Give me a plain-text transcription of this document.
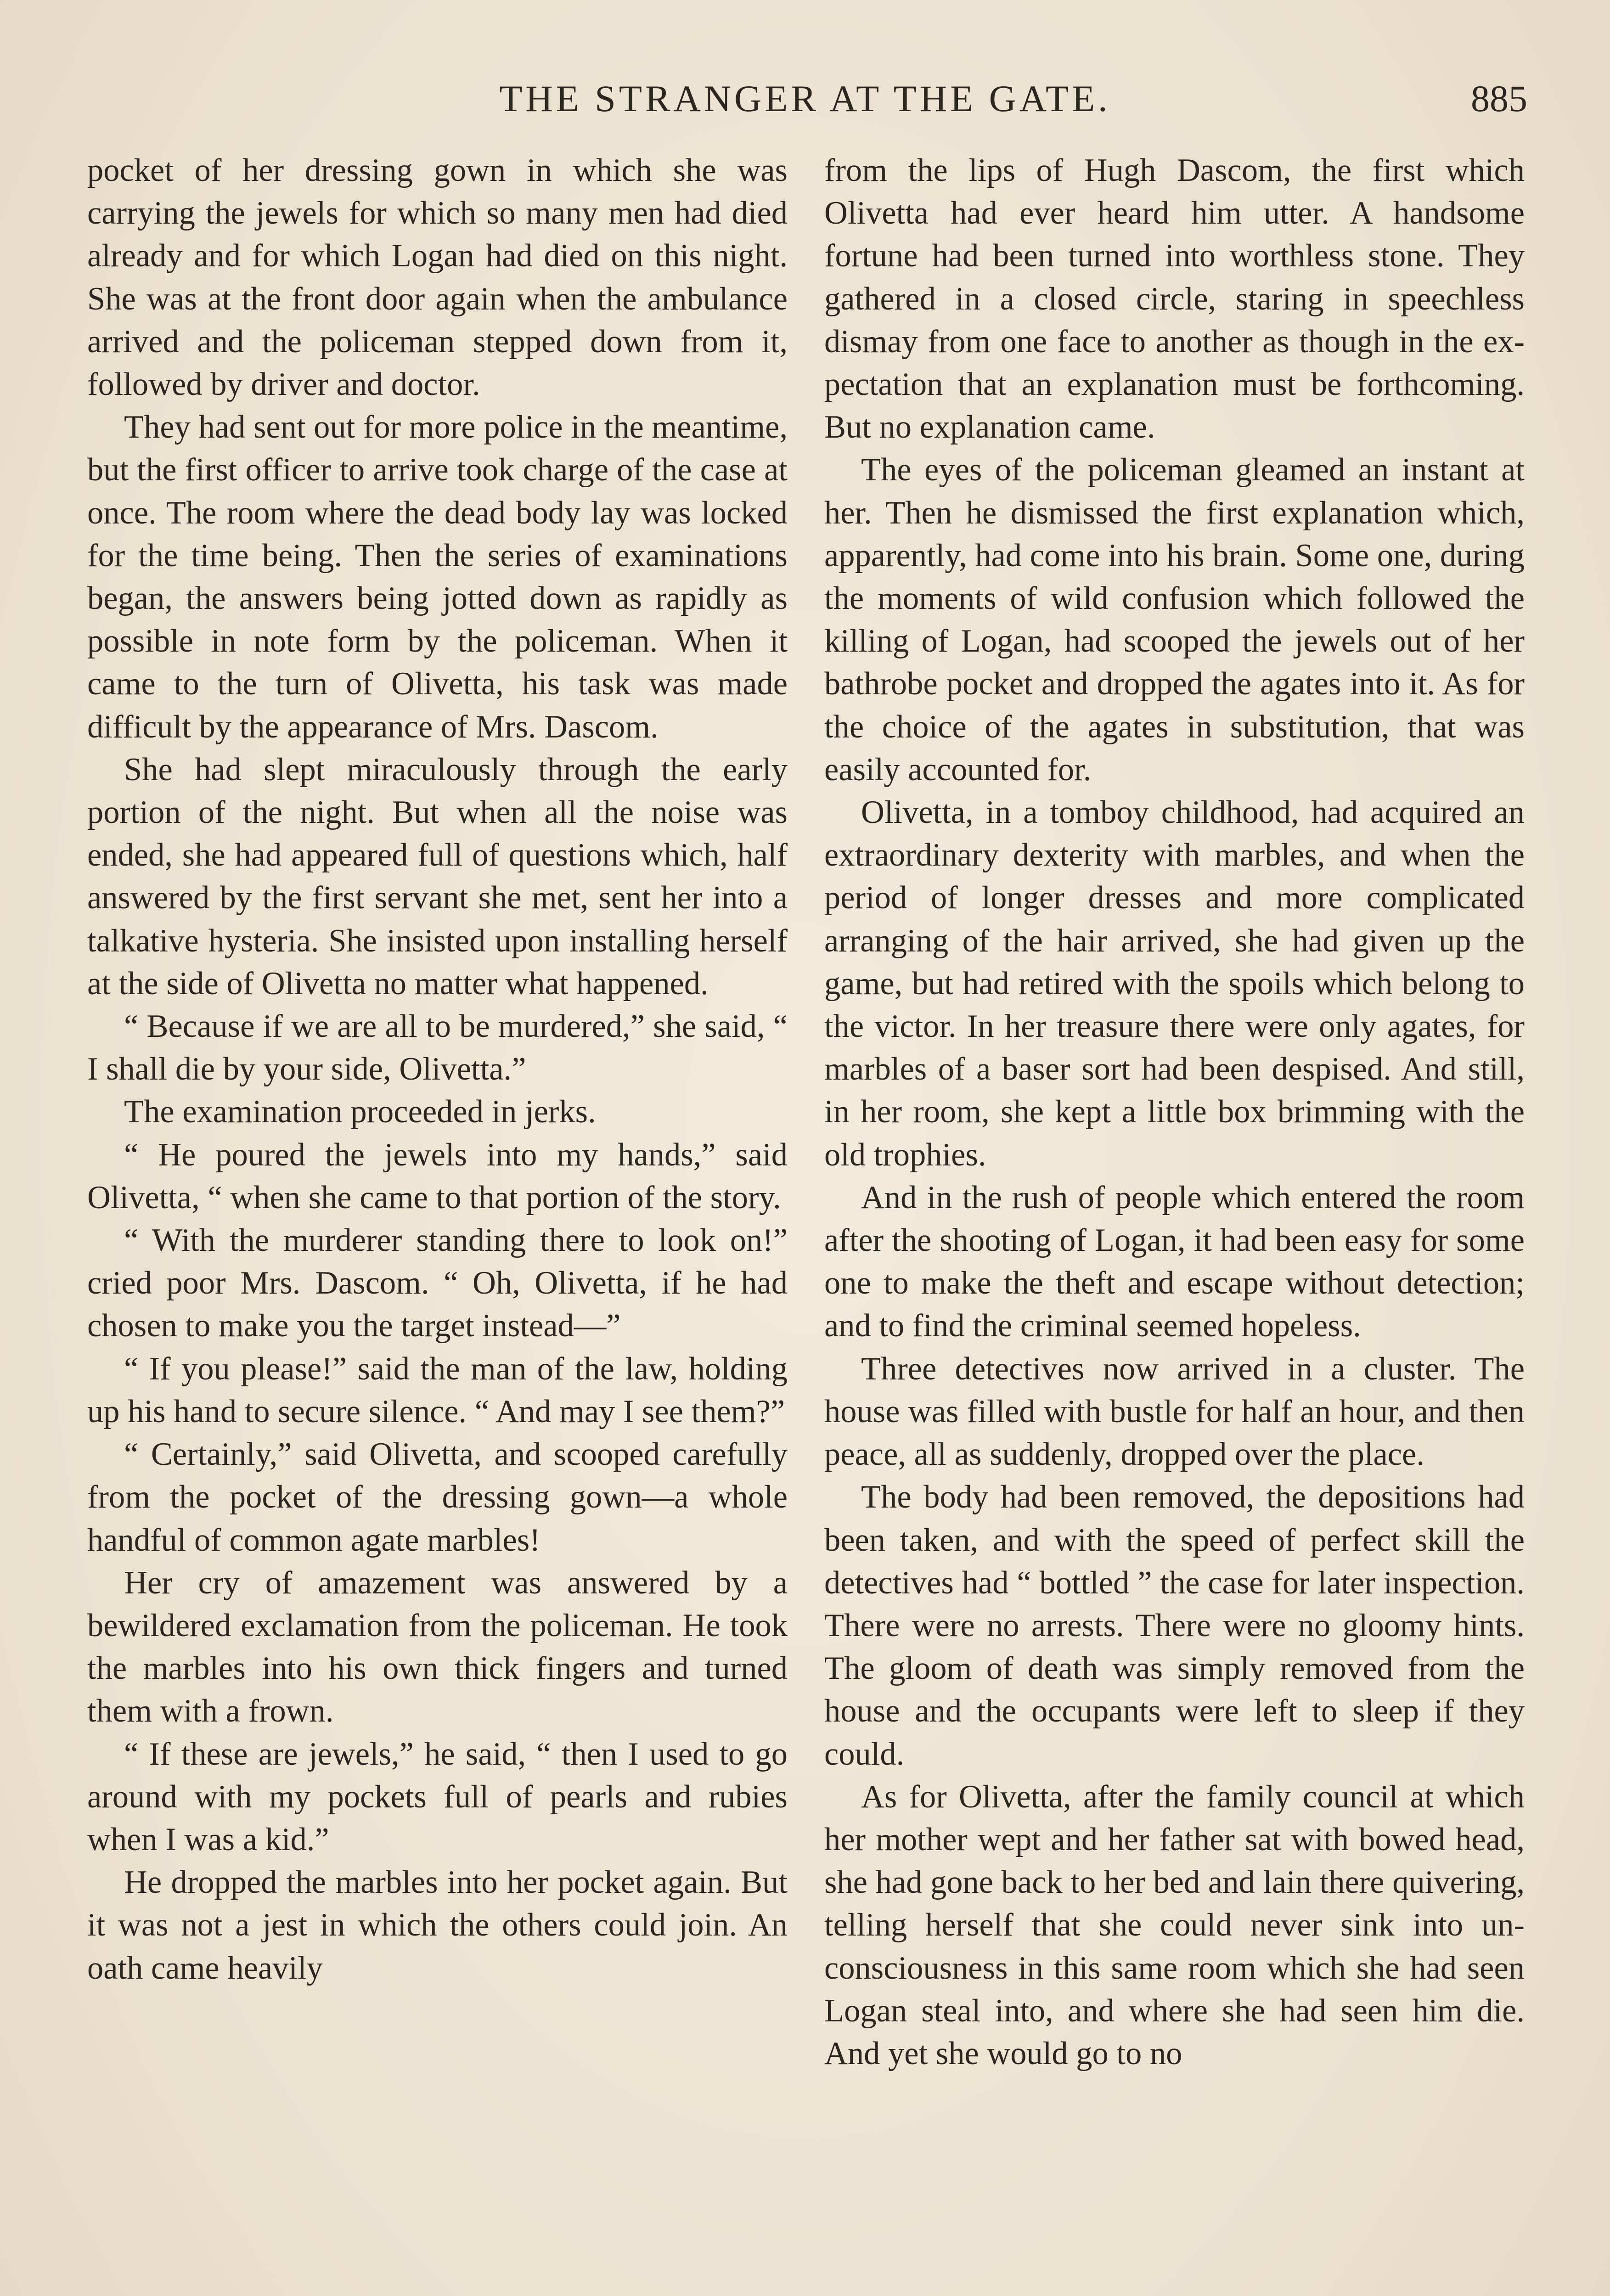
THE STRANGER AT THE GATE.	885

pocket of her dressing gown in which she was carrying the jewels for which so many men had died already and for which Logan had died on this night. She was at the front door again when the ambulance arrived and the policeman stepped down from it, followed by driver and doctor.

They had sent out for more police in the meantime, but the first officer to arrive took charge of the case at once. The room where the dead body lay was locked for the time being. Then the series of examinations began, the answers being jotted down as rapidly as possible in note form by the policeman. When it came to the turn of Olivetta, his task was made difficult by the appearance of Mrs. Dascom.

She had slept miraculously through the early portion of the night. But when all the noise was ended, she had appeared full of questions which, half answered by the first servant she met, sent her into a talkative hysteria. She insisted upon installing herself at the side of Olivetta no matter what happened.

“ Because if we are all to be murdered,” she said, “ I shall die by your side, Olivetta.”

The examination proceeded in jerks.

“ He poured the jewels into my hands,” said Olivetta, “ when she came to that portion of the story.

“ With the murderer standing there to look on!” cried poor Mrs. Dascom. “ Oh, Olivetta, if he had chosen to make you the target instead—”

“ If you please!” said the man of the law, holding up his hand to secure silence. “ And may I see them?”

“ Certainly,” said Olivetta, and scooped carefully from the pocket of the dressing gown—a whole handful of common agate marbles!

Her cry of amazement was answered by a bewildered exclamation from the policeman. He took the marbles into his own thick fingers and turned them with a frown.

“ If these are jewels,” he said, “ then I used to go around with my pockets full of pearls and rubies when I was a kid.”

He dropped the marbles into her pocket again. But it was not a jest in which the others could join. An oath came heavily

from the lips of Hugh Dascom, the first which Olivetta had ever heard him utter. A handsome fortune had been turned into worthless stone. They gathered in a closed circle, staring in speechless dismay from one face to another as though in the expectation that an explanation must be forthcoming. But no explanation came.

The eyes of the policeman gleamed an instant at her. Then he dismissed the first explanation which, apparently, had come into his brain. Some one, during the moments of wild confusion which followed the killing of Logan, had scooped the jewels out of her bathrobe pocket and dropped the agates into it. As for the choice of the agates in substitution, that was easily accounted for.

Olivetta, in a tomboy childhood, had acquired an extraordinary dexterity with marbles, and when the period of longer dresses and more complicated arranging of the hair arrived, she had given up the game, but had retired with the spoils which belong to the victor. In her treasure there were only agates, for marbles of a baser sort had been despised. And still, in her room, she kept a little box brimming with the old trophies.

And in the rush of people which entered the room after the shooting of Logan, it had been easy for some one to make the theft and escape without detection; and to find the criminal seemed hopeless.

Three detectives now arrived in a cluster. The house was filled with bustle for half an hour, and then peace, all as suddenly, dropped over the place.

The body had been removed, the depositions had been taken, and with the speed of perfect skill the detectives had “ bottled ” the case for later inspection. There were no arrests. There were no gloomy hints. The gloom of death was simply removed from the house and the occupants were left to sleep if they could.

As for Olivetta, after the family council at which her mother wept and her father sat with bowed head, she had gone back to her bed and lain there quivering, telling herself that she could never sink into unconsciousness in this same room which she had seen Logan steal into, and where she had seen him die. And yet she would go to no
